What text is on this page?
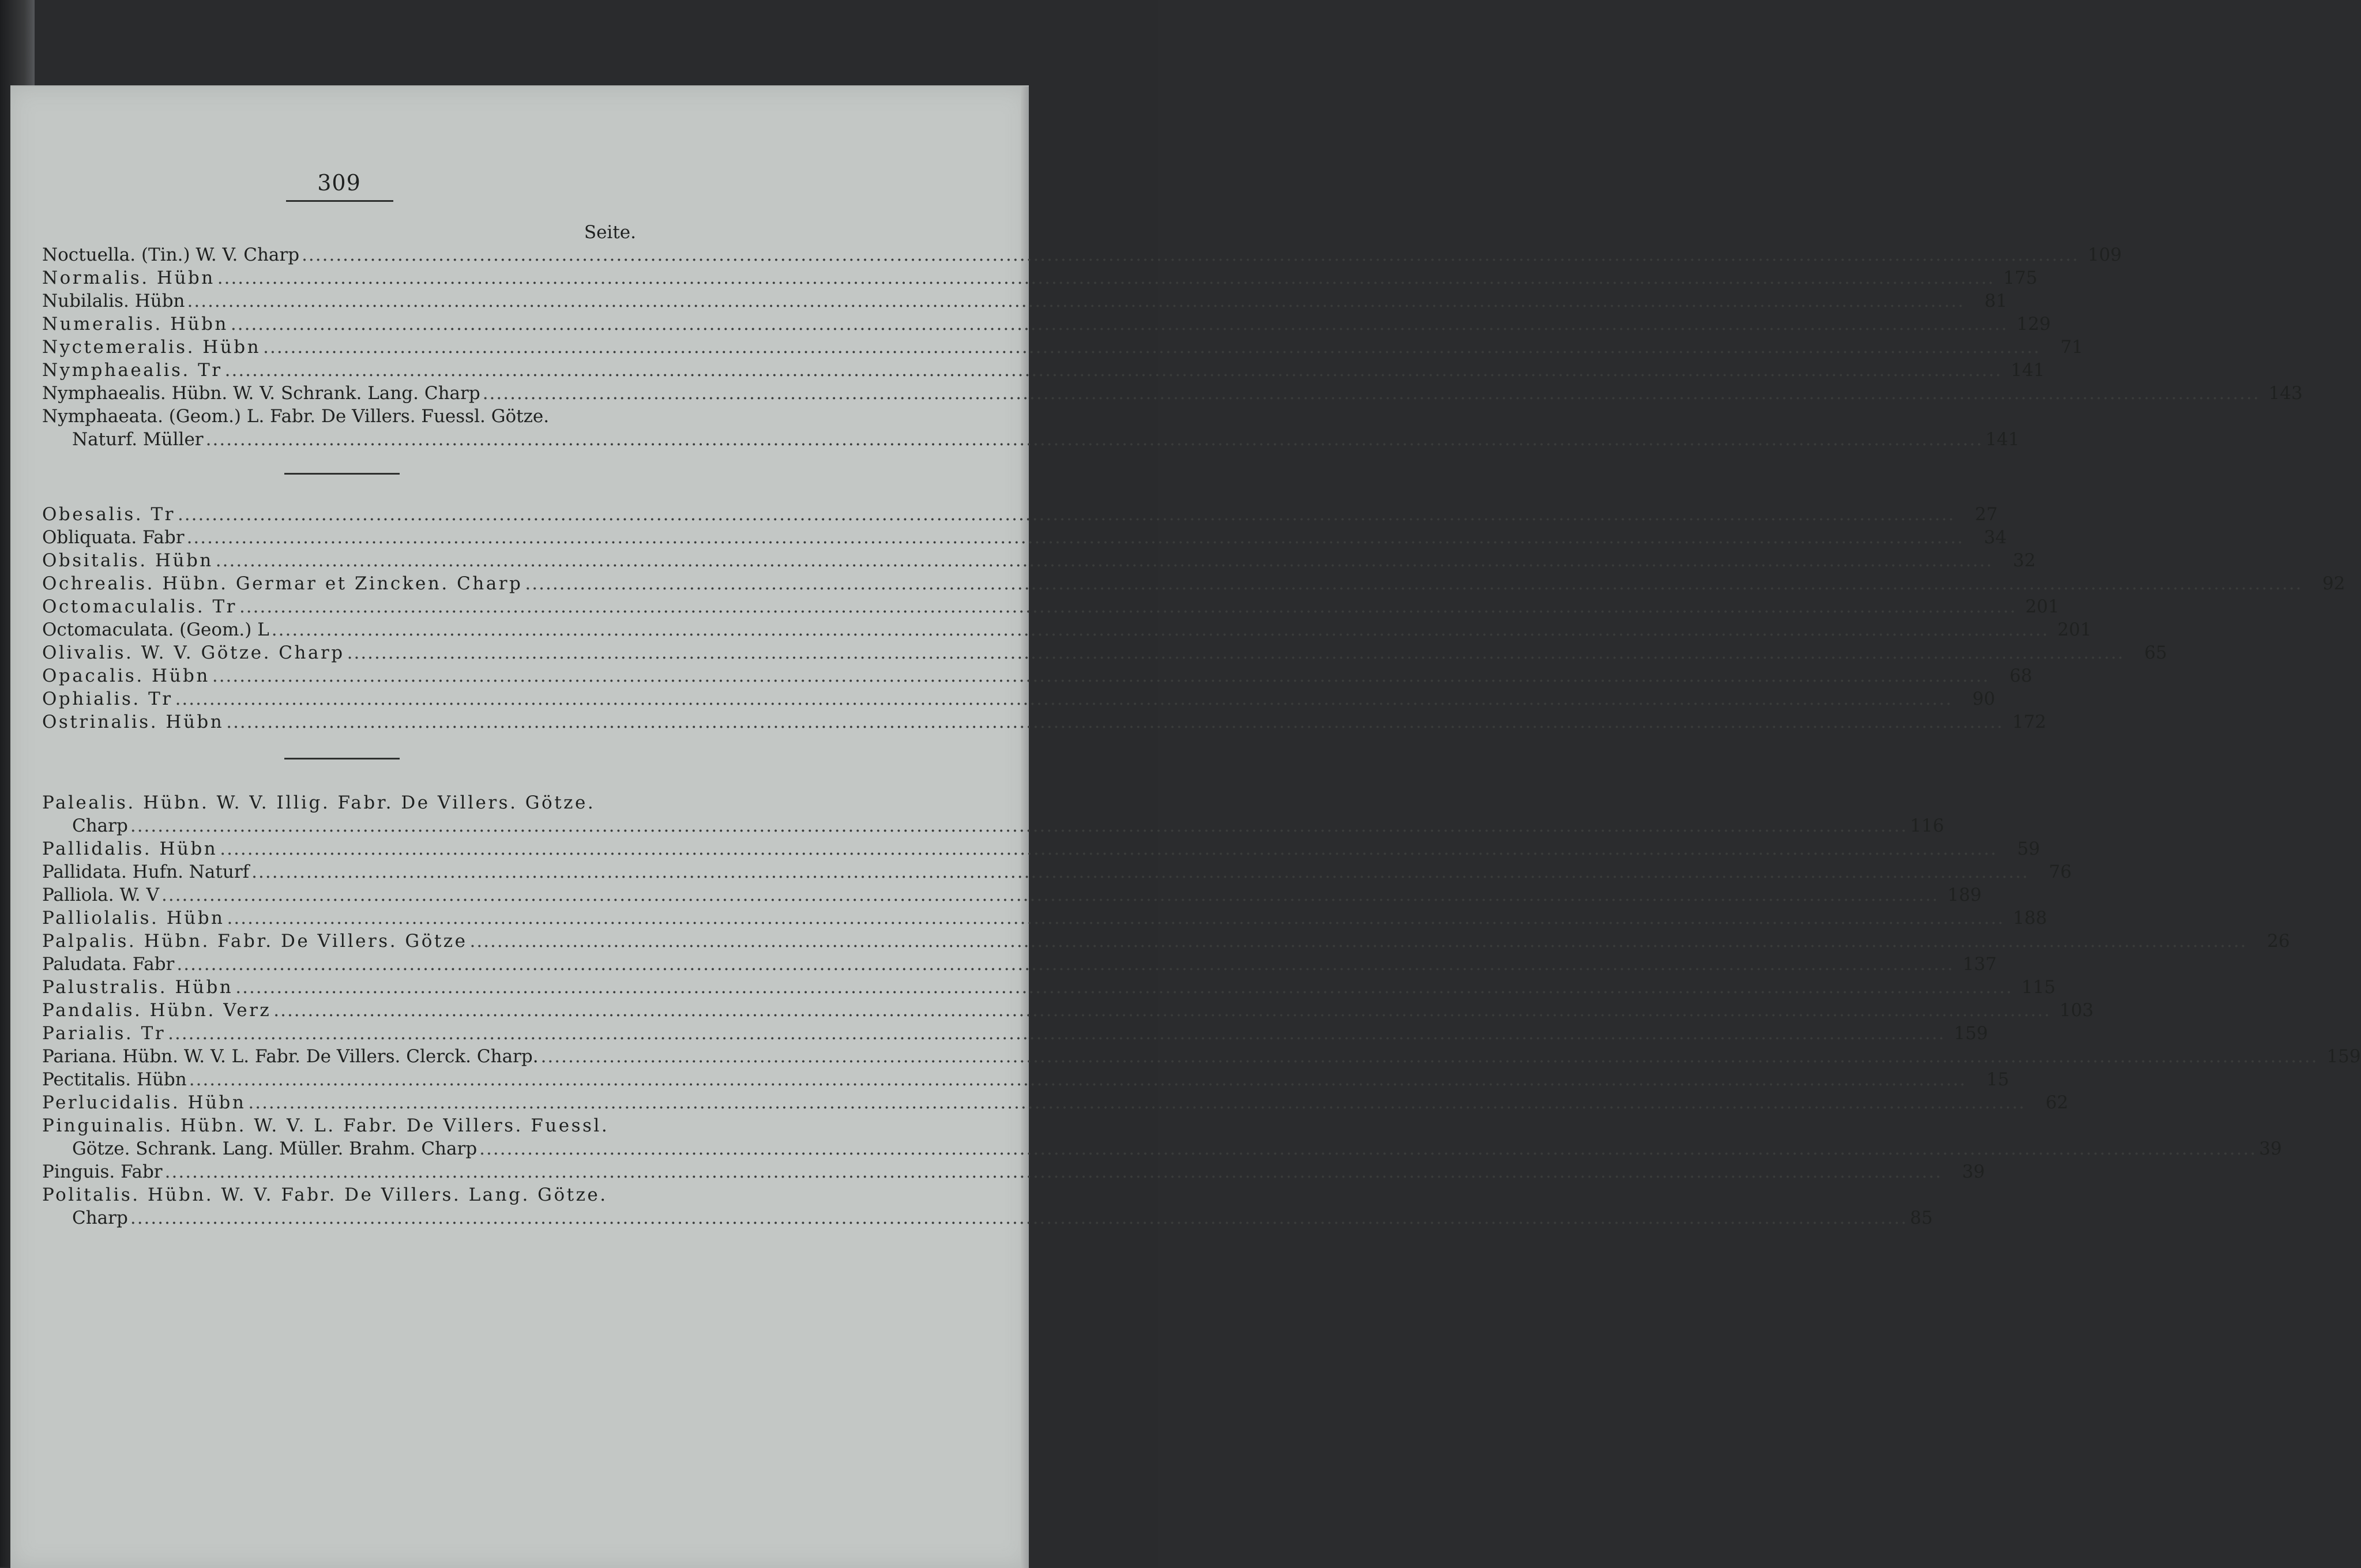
309
Seite.
Noctuella. (Tin.) W. V. Charp .................................................................................................................................................................................................................................................................... 109
Normalis. Hübn .................................................................................................................................................................................................................................................................... 175
Nubilalis. Hübn ....................................................................................................................................................................................................................................................................	81
Numeralis. Hübn .................................................................................................................................................................................................................................................................... 129
Nyctemeralis. Hübn ....................................................................................................................................................................................................................................................................	71
Nymphaealis. Tr .................................................................................................................................................................................................................................................................... 141
Nymphaealis. Hübn. W. V. Schrank. Lang. Charp .................................................................................................................................................................................................................................................................... 143
Nymphaeata. (Geom.) L. Fabr. De Villers. Fuessl. Götze.
Naturf. Müller .................................................................................................................................................................................................................................................................... 141
Obesalis. Tr ....................................................................................................................................................................................................................................................................	27
Obliquata. Fabr ....................................................................................................................................................................................................................................................................	34
Obsitalis. Hübn ....................................................................................................................................................................................................................................................................	32
Ochrealis. Hübn. Germar et Zincken. Charp ....................................................................................................................................................................................................................................................................	92
Octomaculalis. Tr .................................................................................................................................................................................................................................................................... 201
Octomaculata. (Geom.) L .................................................................................................................................................................................................................................................................... 201
Olivalis. W. V. Götze. Charp ....................................................................................................................................................................................................................................................................	65
Opacalis. Hübn ....................................................................................................................................................................................................................................................................	68
Ophialis. Tr ....................................................................................................................................................................................................................................................................	90
Ostrinalis. Hübn .................................................................................................................................................................................................................................................................... 172
Palealis. Hübn. W. V. Illig. Fabr. De Villers. Götze.
Charp .................................................................................................................................................................................................................................................................... 116
Pallidalis. Hübn ....................................................................................................................................................................................................................................................................	59
Pallidata. Hufn. Naturf ....................................................................................................................................................................................................................................................................	76
Palliola. W. V .................................................................................................................................................................................................................................................................... 189
Palliolalis. Hübn .................................................................................................................................................................................................................................................................... 188
Palpalis. Hübn. Fabr. De Villers. Götze ....................................................................................................................................................................................................................................................................	26
Paludata. Fabr .................................................................................................................................................................................................................................................................... 137
Palustralis. Hübn .................................................................................................................................................................................................................................................................... 115
Pandalis. Hübn. Verz .................................................................................................................................................................................................................................................................... 103
Parialis. Tr .................................................................................................................................................................................................................................................................... 159
Pariana. Hübn. W. V. L. Fabr. De Villers. Clerck. Charp. .................................................................................................................................................................................................................................................................... 159
Pectitalis. Hübn ....................................................................................................................................................................................................................................................................	15
Perlucidalis. Hübn ....................................................................................................................................................................................................................................................................	62
Pinguinalis. Hübn. W. V. L. Fabr. De Villers. Fuessl.
Götze. Schrank. Lang. Müller. Brahm. Charp .................................................................................................................................................................................................................................................................... 39
Pinguis. Fabr ....................................................................................................................................................................................................................................................................	39
Politalis. Hübn. W. V. Fabr. De Villers. Lang. Götze.
Charp .................................................................................................................................................................................................................................................................... 85
